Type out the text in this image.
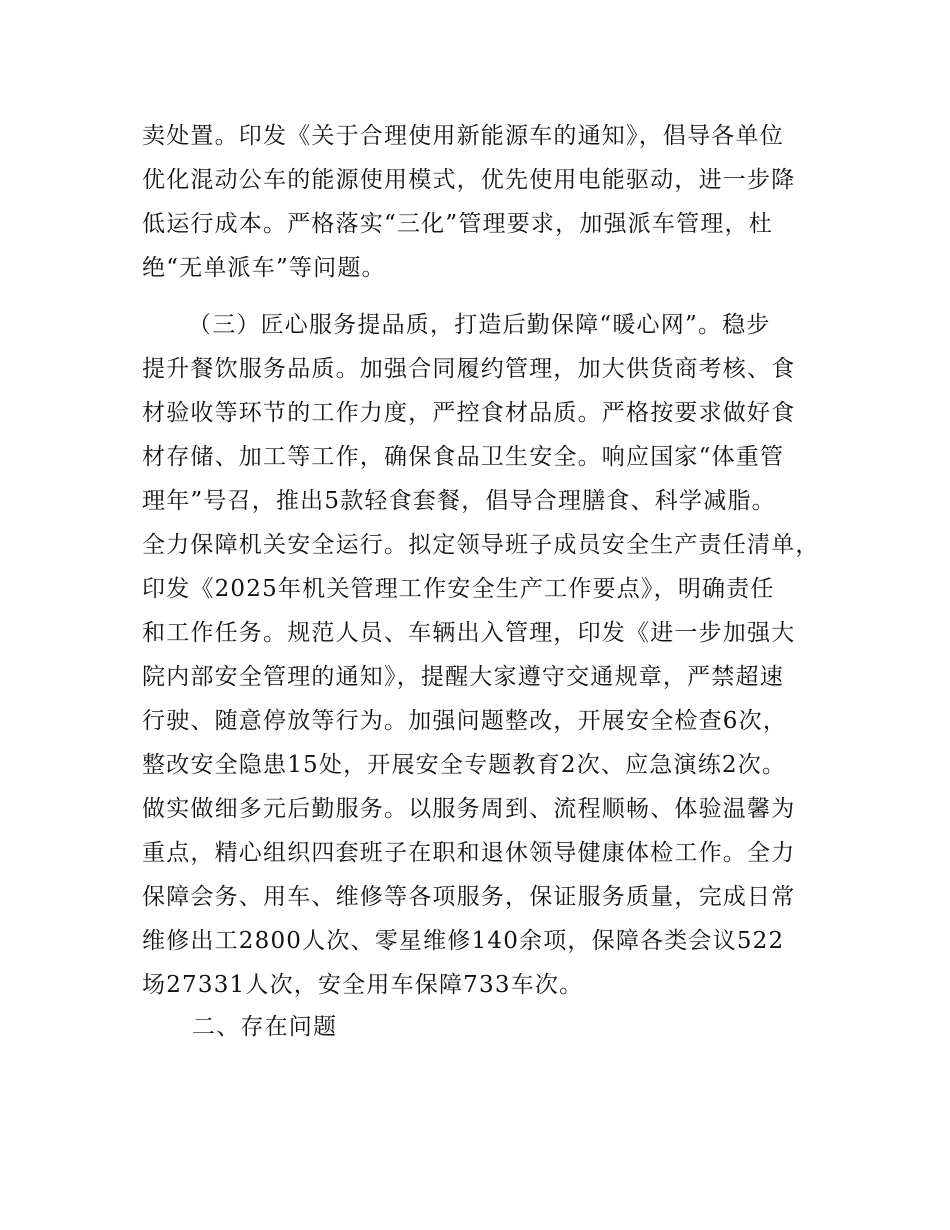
卖处置。印发《关于合理使用新能源车的通知》，倡导各单位
优化混动公车的能源使用模式，优先使用电能驱动，进一步降
低运行成本。严格落实“三化”管理要求，加强派车管理，杜
绝“无单派车”等问题。
（三）匠心服务提品质，打造后勤保障“暖心网”。稳步
提升餐饮服务品质。加强合同履约管理，加大供货商考核、食
材验收等环节的工作力度，严控食材品质。严格按要求做好食
材存储、加工等工作，确保食品卫生安全。响应国家“体重管
理年”号召，推出5款轻食套餐，倡导合理膳食、科学减脂。
全力保障机关安全运行。拟定领导班子成员安全生产责任清单，
印发《2025年机关管理工作安全生产工作要点》，明确责任
和工作任务。规范人员、车辆出入管理，印发《进一步加强大
院内部安全管理的通知》，提醒大家遵守交通规章，严禁超速
行驶、随意停放等行为。加强问题整改，开展安全检查6次，
整改安全隐患15处，开展安全专题教育2次、应急演练2次。
做实做细多元后勤服务。以服务周到、流程顺畅、体验温馨为
重点，精心组织四套班子在职和退休领导健康体检工作。全力
保障会务、用车、维修等各项服务，保证服务质量，完成日常
维修出工2800人次、零星维修140余项，保障各类会议522
场27331人次，安全用车保障733车次。
二、存在问题
